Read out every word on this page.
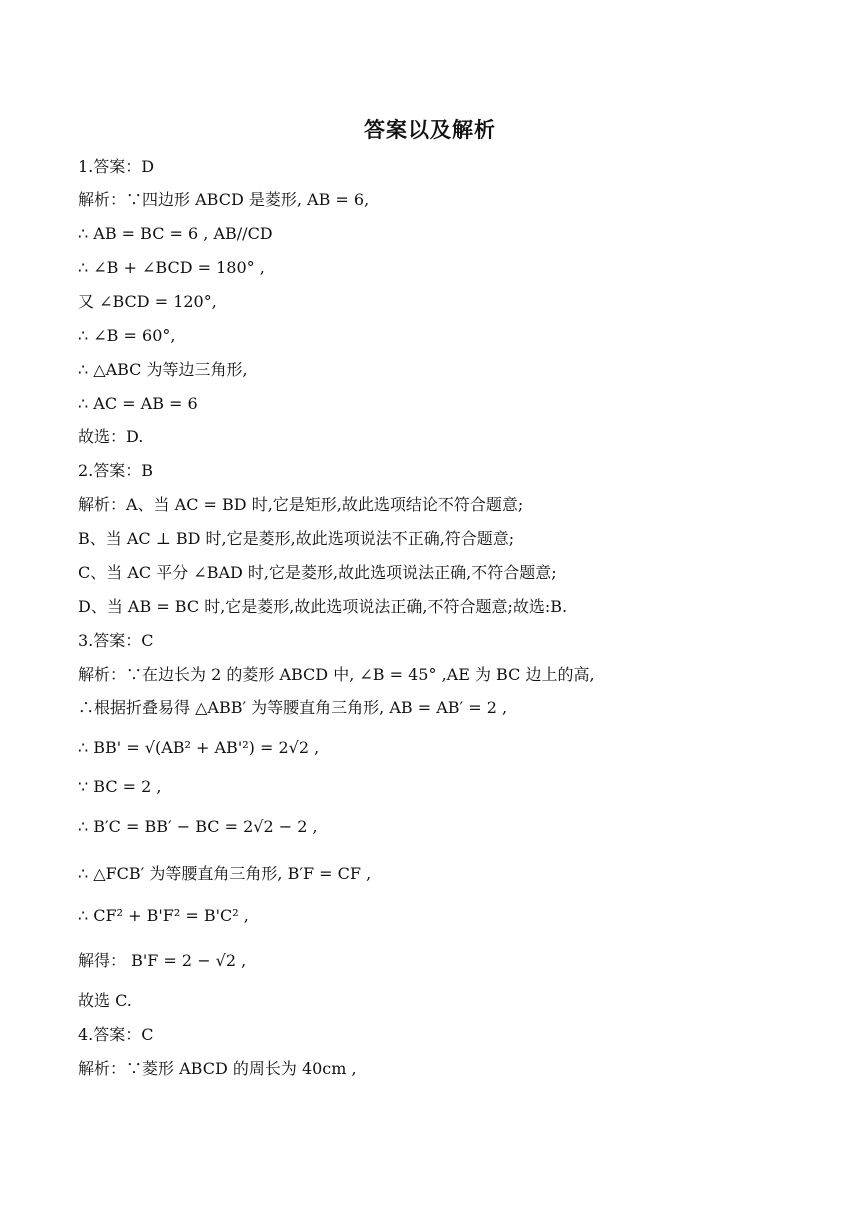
答案以及解析
1.答案：D
解析：∵四边形 ABCD 是菱形, AB = 6,
∴ AB = BC = 6 , AB//CD
∴ ∠B + ∠BCD = 180° ,
又 ∠BCD = 120°,
∴ ∠B = 60°,
∴ △ABC 为等边三角形,
∴ AC = AB = 6
故选：D.
2.答案：B
解析：A、当 AC = BD 时,它是矩形,故此选项结论不符合题意;
B、当 AC ⊥ BD 时,它是菱形,故此选项说法不正确,符合题意;
C、当 AC 平分 ∠BAD 时,它是菱形,故此选项说法正确,不符合题意;
D、当 AB = BC 时,它是菱形,故此选项说法正确,不符合题意;故选:B.
3.答案：C
解析：∵在边长为 2 的菱形 ABCD 中, ∠B = 45° ,AE 为 BC 边上的高,
∴根据折叠易得 △ABB′ 为等腰直角三角形, AB = AB′ = 2 ,
∴ BB' = √(AB² + AB'²) = 2√2 ,
∵ BC = 2 ,
∴ B′C = BB′ − BC = 2√2 − 2 ,
∴ △FCB′ 为等腰直角三角形, B′F = CF ,
∴ CF² + B'F² = B'C² ,
解得： B'F = 2 − √2 ,
故选 C.
4.答案：C
解析：∵菱形 ABCD 的周长为 40cm ,
